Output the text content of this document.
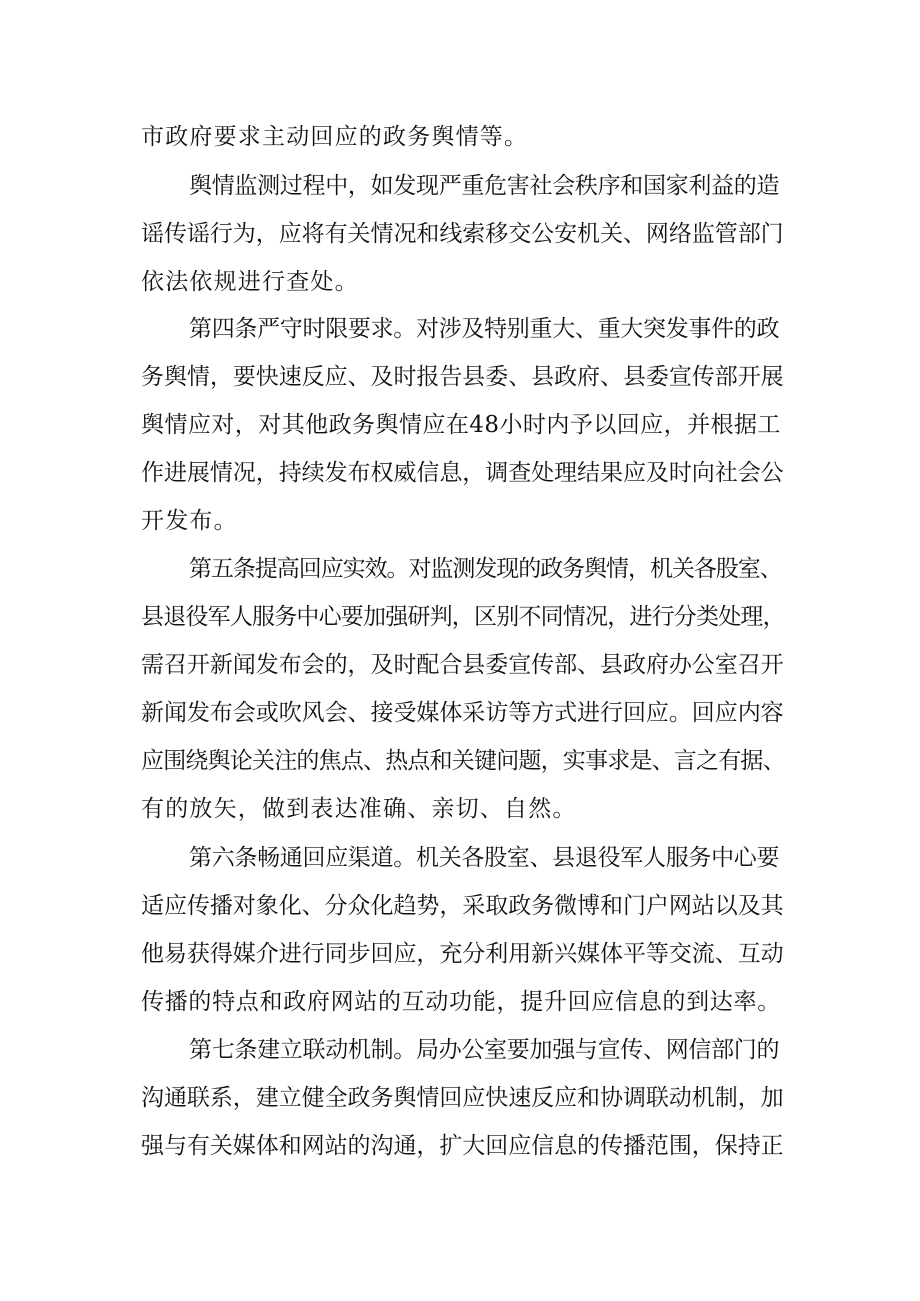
市政府要求主动回应的政务舆情等。
舆情监测过程中，如发现严重危害社会秩序和国家利益的造
谣传谣行为，应将有关情况和线索移交公安机关、网络监管部门
依法依规进行查处。
第四条严守时限要求。对涉及特别重大、重大突发事件的政
务舆情，要快速反应、及时报告县委、县政府、县委宣传部开展
舆情应对，对其他政务舆情应在48小时内予以回应，并根据工
作进展情况，持续发布权威信息，调查处理结果应及时向社会公
开发布。
第五条提高回应实效。对监测发现的政务舆情，机关各股室、
县退役军人服务中心要加强研判，区别不同情况，进行分类处理，
需召开新闻发布会的，及时配合县委宣传部、县政府办公室召开
新闻发布会或吹风会、接受媒体采访等方式进行回应。回应内容
应围绕舆论关注的焦点、热点和关键问题，实事求是、言之有据、
有的放矢，做到表达准确、亲切、自然。
第六条畅通回应渠道。机关各股室、县退役军人服务中心要
适应传播对象化、分众化趋势，采取政务微博和门户网站以及其
他易获得媒介进行同步回应，充分利用新兴媒体平等交流、互动
传播的特点和政府网站的互动功能，提升回应信息的到达率。
第七条建立联动机制。局办公室要加强与宣传、网信部门的
沟通联系，建立健全政务舆情回应快速反应和协调联动机制，加
强与有关媒体和网站的沟通，扩大回应信息的传播范围，保持正
